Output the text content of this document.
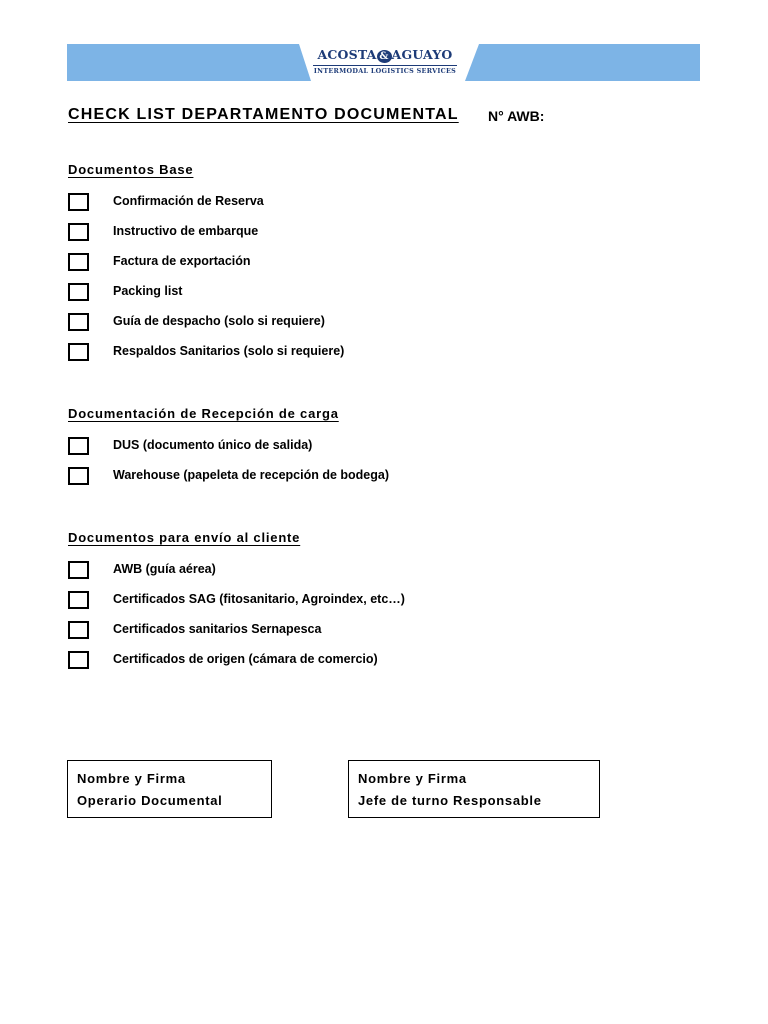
ACOSTA & AGUAYO
INTERMODAL LOGISTICS SERVICES
CHECK LIST DEPARTAMENTO DOCUMENTAL N° AWB:
Documentos Base
Confirmación de Reserva
Instructivo de embarque
Factura de exportación
Packing list
Guía de despacho (solo si requiere)
Respaldos Sanitarios (solo si requiere)
Documentación de Recepción de carga
DUS (documento único de salida)
Warehouse (papeleta de recepción de bodega)
Documentos para envío al cliente
AWB (guía aérea)
Certificados SAG (fitosanitario, Agroindex, etc…)
Certificados sanitarios Sernapesca
Certificados de origen (cámara de comercio)
Nombre y Firma
Operario Documental
Nombre y Firma
Jefe de turno Responsable
